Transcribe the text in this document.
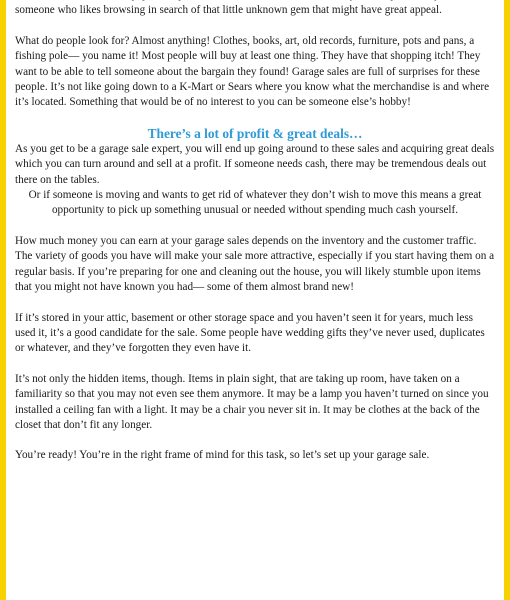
someone who likes browsing in search of that little unknown gem that might have great appeal.

What do people look for? Almost anything! Clothes, books, art, old records, furniture, pots and pans, a fishing pole— you name it! Most people will buy at least one thing. They have that shopping itch! They want to be able to tell someone about the bargain they found! Garage sales are full of surprises for these people. It’s not like going down to a K-Mart or Sears where you know what the merchandise is and where it’s located. Something that would be of no interest to you can be someone else’s hobby!

There’s a lot of profit & great deals…

As you get to be a garage sale expert, you will end up going around to these sales and acquiring great deals which you can turn around and sell at a profit. If someone needs cash, there may be tremendous deals out there on the tables.

Or if someone is moving and wants to get rid of whatever they don’t wish to move this means a great opportunity to pick up something unusual or needed without spending much cash yourself.

How much money you can earn at your garage sales depends on the inventory and the customer traffic. The variety of goods you have will make your sale more attractive, especially if you start having them on a regular basis. If you’re preparing for one and cleaning out the house, you will likely stumble upon items that you might not have known you had— some of them almost brand new!

If it’s stored in your attic, basement or other storage space and you haven’t seen it for years, much less used it, it’s a good candidate for the sale. Some people have wedding gifts they’ve never used, duplicates or whatever, and they’ve forgotten they even have it.

It’s not only the hidden items, though. Items in plain sight, that are taking up room, have taken on a familiarity so that you may not even see them anymore. It may be a lamp you haven’t turned on since you installed a ceiling fan with a light. It may be a chair you never sit in. It may be clothes at the back of the closet that don’t fit any longer.

You’re ready! You’re in the right frame of mind for this task, so let’s set up your garage sale.
